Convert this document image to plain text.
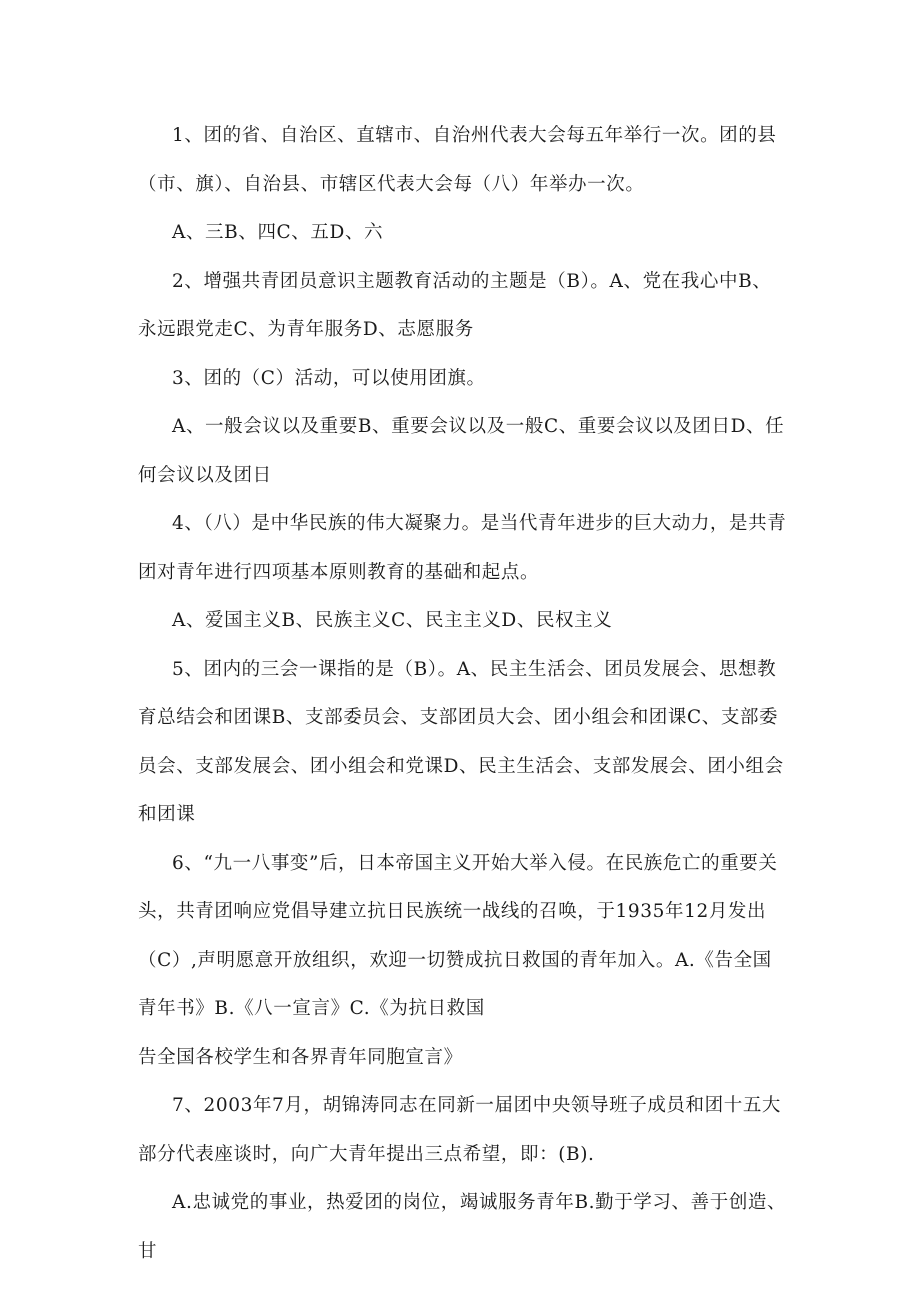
1、团的省、自治区、直辖市、自治州代表大会每五年举行一次。团的县（市、旗）、自治县、市辖区代表大会每（八）年举办一次。

A、三B、四C、五D、六

2、增强共青团员意识主题教育活动的主题是（B）。A、党在我心中B、永远跟党走C、为青年服务D、志愿服务

3、团的（C）活动，可以使用团旗。

A、一般会议以及重要B、重要会议以及一般C、重要会议以及团日D、任何会议以及团日

4、（八）是中华民族的伟大凝聚力。是当代青年进步的巨大动力，是共青团对青年进行四项基本原则教育的基础和起点。

A、爱国主义B、民族主义C、民主主义D、民权主义

5、团内的三会一课指的是（B）。A、民主生活会、团员发展会、思想教育总结会和团课B、支部委员会、支部团员大会、团小组会和团课C、支部委员会、支部发展会、团小组会和党课D、民主生活会、支部发展会、团小组会和团课

6、“九一八事变”后，日本帝国主义开始大举入侵。在民族危亡的重要关头，共青团响应党倡导建立抗日民族统一战线的召唤，于1935年12月发出（C）,声明愿意开放组织，欢迎一切赞成抗日救国的青年加入。A.《告全国青年书》B.《八一宣言》C.《为抗日救国

告全国各校学生和各界青年同胞宣言》

7、2003年7月，胡锦涛同志在同新一届团中央领导班子成员和团十五大部分代表座谈时，向广大青年提出三点希望，即：(B).

A.忠诚党的事业，热爱团的岗位，竭诚服务青年B.勤于学习、善于创造、甘
